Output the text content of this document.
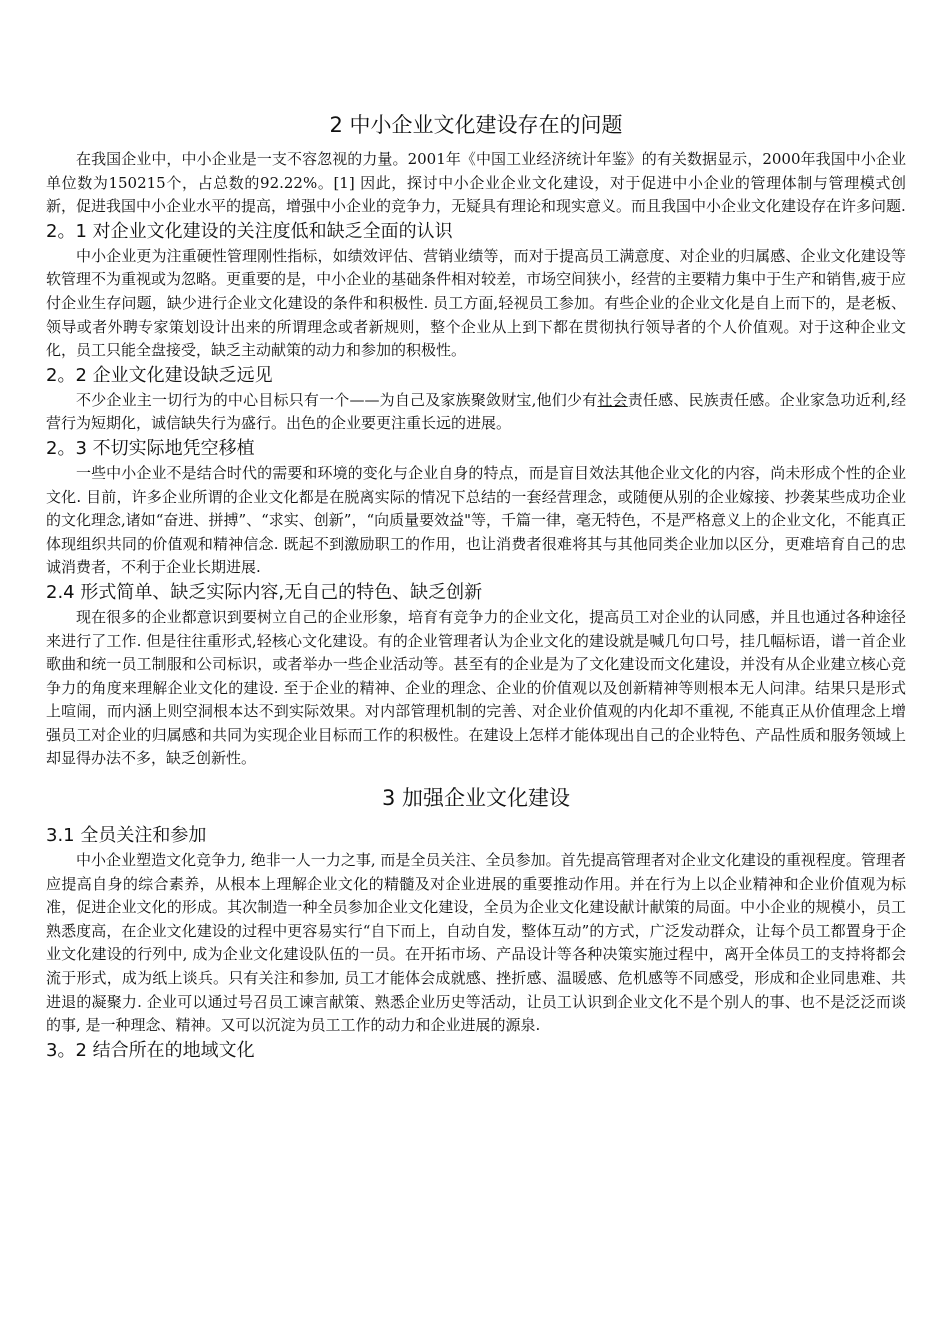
2 中小企业文化建设存在的问题

在我国企业中，中小企业是一支不容忽视的力量。2001年《中国工业经济统计年鉴》的有关数据显示，2000年我国中小企业单位数为150215个，占总数的92.22%。[1] 因此，探讨中小企业企业文化建设，对于促进中小企业的管理体制与管理模式创新，促进我国中小企业水平的提高，增强中小企业的竞争力，无疑具有理论和现实意义。而且我国中小企业文化建设存在许多问题.

2。1 对企业文化建设的关注度低和缺乏全面的认识

中小企业更为注重硬性管理刚性指标，如绩效评估、营销业绩等，而对于提高员工满意度、对企业的归属感、企业文化建设等软管理不为重视或为忽略。更重要的是，中小企业的基础条件相对较差，市场空间狭小，经营的主要精力集中于生产和销售,疲于应付企业生存问题，缺少进行企业文化建设的条件和积极性. 员工方面,轻视员工参加。有些企业的企业文化是自上而下的，是老板、领导或者外聘专家策划设计出来的所谓理念或者新规则，整个企业从上到下都在贯彻执行领导者的个人价值观。对于这种企业文化，员工只能全盘接受，缺乏主动献策的动力和参加的积极性。

2。2 企业文化建设缺乏远见

不少企业主一切行为的中心目标只有一个——为自己及家族聚敛财宝,他们少有社会责任感、民族责任感。企业家急功近利,经营行为短期化，诚信缺失行为盛行。出色的企业要更注重长远的进展。

2。3 不切实际地凭空移植

一些中小企业不是结合时代的需要和环境的变化与企业自身的特点，而是盲目效法其他企业文化的内容，尚未形成个性的企业文化. 目前，许多企业所谓的企业文化都是在脱离实际的情况下总结的一套经营理念，或随便从别的企业嫁接、抄袭某些成功企业的文化理念,诸如“奋进、拼搏”、“求实、创新”，“向质量要效益"等，千篇一律，毫无特色，不是严格意义上的企业文化，不能真正体现组织共同的价值观和精神信念. 既起不到激励职工的作用，也让消费者很难将其与其他同类企业加以区分，更难培育自己的忠诚消费者，不利于企业长期进展.

2.4 形式简单、缺乏实际内容,无自己的特色、缺乏创新

现在很多的企业都意识到要树立自己的企业形象，培育有竞争力的企业文化，提高员工对企业的认同感，并且也通过各种途径来进行了工作. 但是往往重形式,轻核心文化建设。有的企业管理者认为企业文化的建设就是喊几句口号，挂几幅标语，谱一首企业歌曲和统一员工制服和公司标识，或者举办一些企业活动等。甚至有的企业是为了文化建设而文化建设，并没有从企业建立核心竞争力的角度来理解企业文化的建设. 至于企业的精神、企业的理念、企业的价值观以及创新精神等则根本无人问津。结果只是形式上喧闹，而内涵上则空洞根本达不到实际效果。对内部管理机制的完善、对企业价值观的内化却不重视, 不能真正从价值理念上增强员工对企业的归属感和共同为实现企业目标而工作的积极性。在建设上怎样才能体现出自己的企业特色、产品性质和服务领域上却显得办法不多，缺乏创新性。

3 加强企业文化建设
3.1 全员关注和参加

中小企业塑造文化竞争力, 绝非一人一力之事, 而是全员关注、全员参加。首先提高管理者对企业文化建设的重视程度。管理者应提高自身的综合素养，从根本上理解企业文化的精髓及对企业进展的重要推动作用。并在行为上以企业精神和企业价值观为标准，促进企业文化的形成。其次制造一种全员参加企业文化建设，全员为企业文化建设献计献策的局面。中小企业的规模小，员工熟悉度高，在企业文化建设的过程中更容易实行“自下而上，自动自发，整体互动”的方式，广泛发动群众，让每个员工都置身于企业文化建设的行列中, 成为企业文化建设队伍的一员。在开拓市场、产品设计等各种决策实施过程中，离开全体员工的支持将都会流于形式，成为纸上谈兵。只有关注和参加, 员工才能体会成就感、挫折感、温暖感、危机感等不同感受，形成和企业同患难、共进退的凝聚力. 企业可以通过号召员工谏言献策、熟悉企业历史等活动，让员工认识到企业文化不是个别人的事、也不是泛泛而谈的事, 是一种理念、精神。又可以沉淀为员工工作的动力和企业进展的源泉.

3。2 结合所在的地域文化
